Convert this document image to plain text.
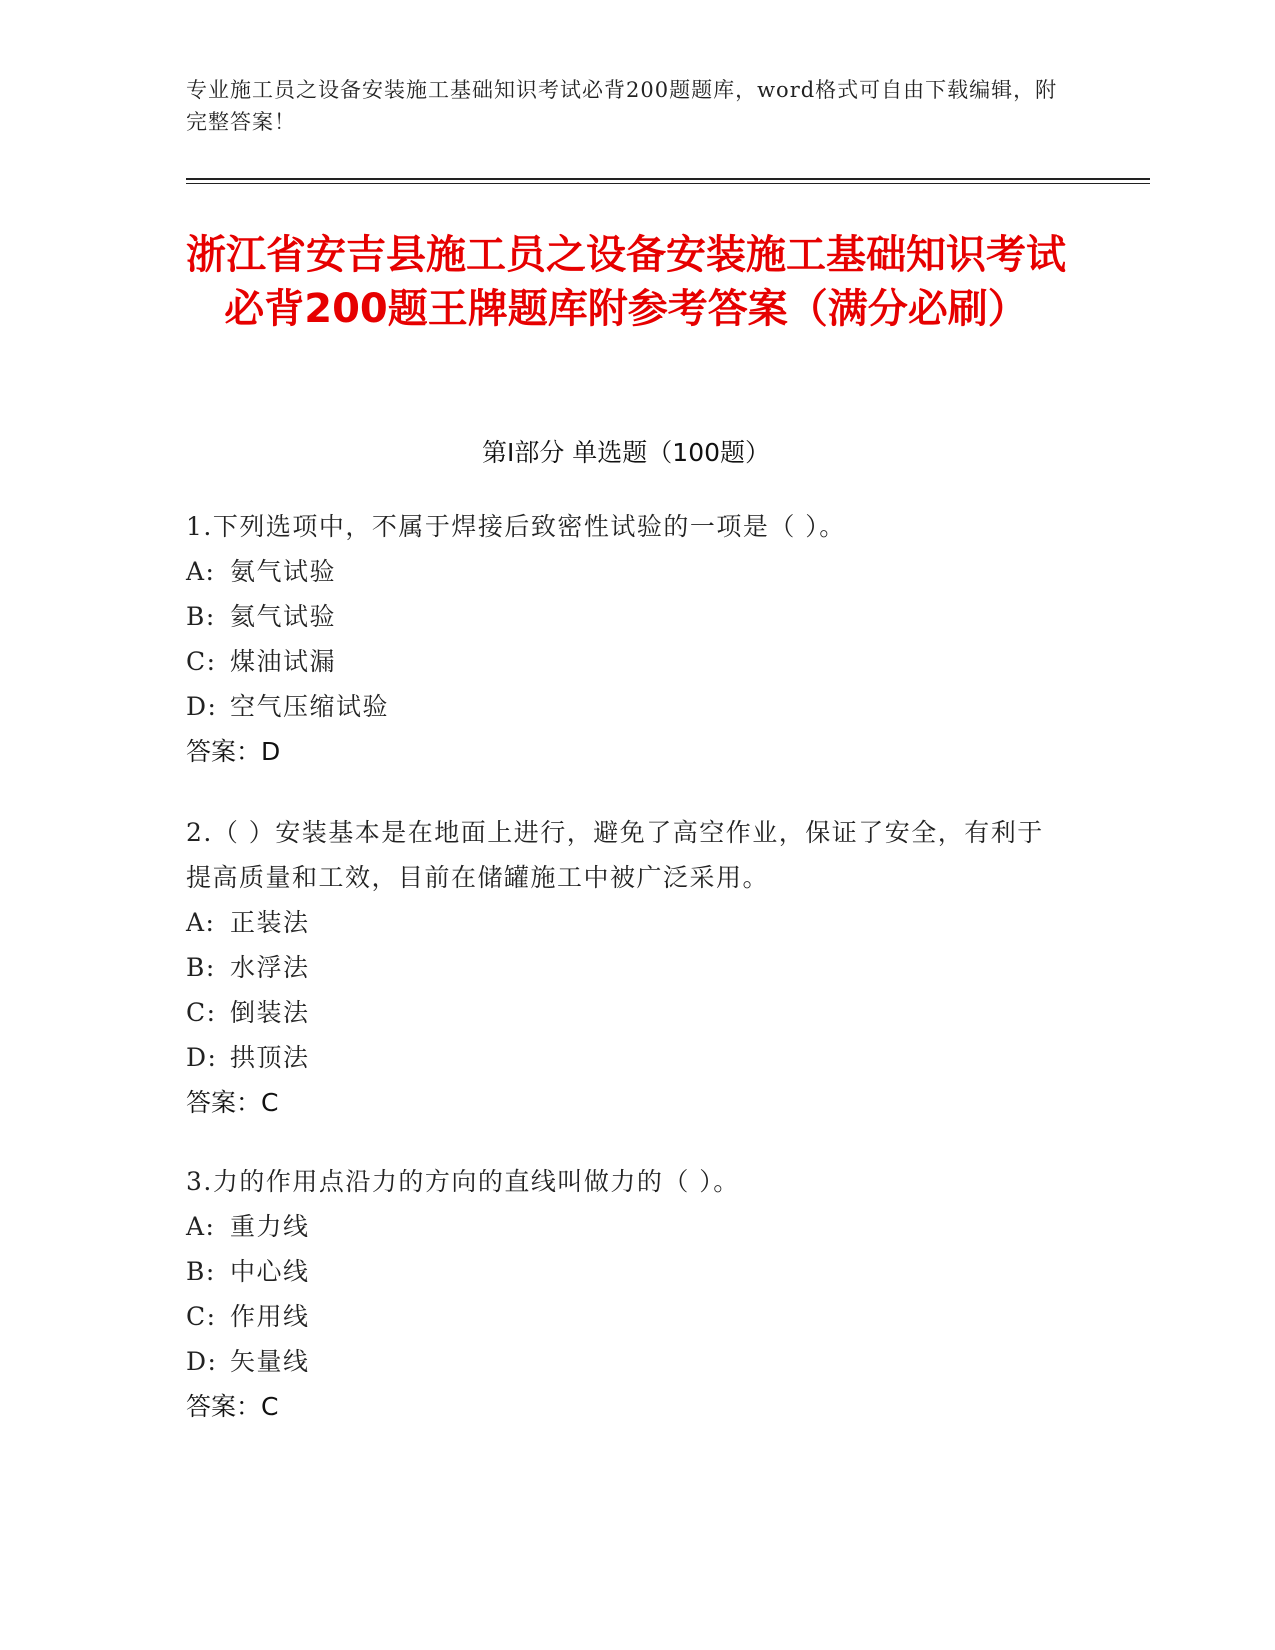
专业施工员之设备安装施工基础知识考试必背200题题库，word格式可自由下载编辑，附完整答案！
浙江省安吉县施工员之设备安装施工基础知识考试必背200题王牌题库附参考答案（满分必刷）
第Ⅰ部分 单选题（100题）
1.下列选项中，不属于焊接后致密性试验的一项是（ ）。
A: 氨气试验
B: 氦气试验
C: 煤油试漏
D: 空气压缩试验
答案：D
2.（ ）安装基本是在地面上进行，避免了高空作业，保证了安全，有利于提高质量和工效，目前在储罐施工中被广泛采用。
A: 正装法
B: 水浮法
C: 倒装法
D: 拱顶法
答案：C
3.力的作用点沿力的方向的直线叫做力的（ ）。
A: 重力线
B: 中心线
C: 作用线
D: 矢量线
答案：C
